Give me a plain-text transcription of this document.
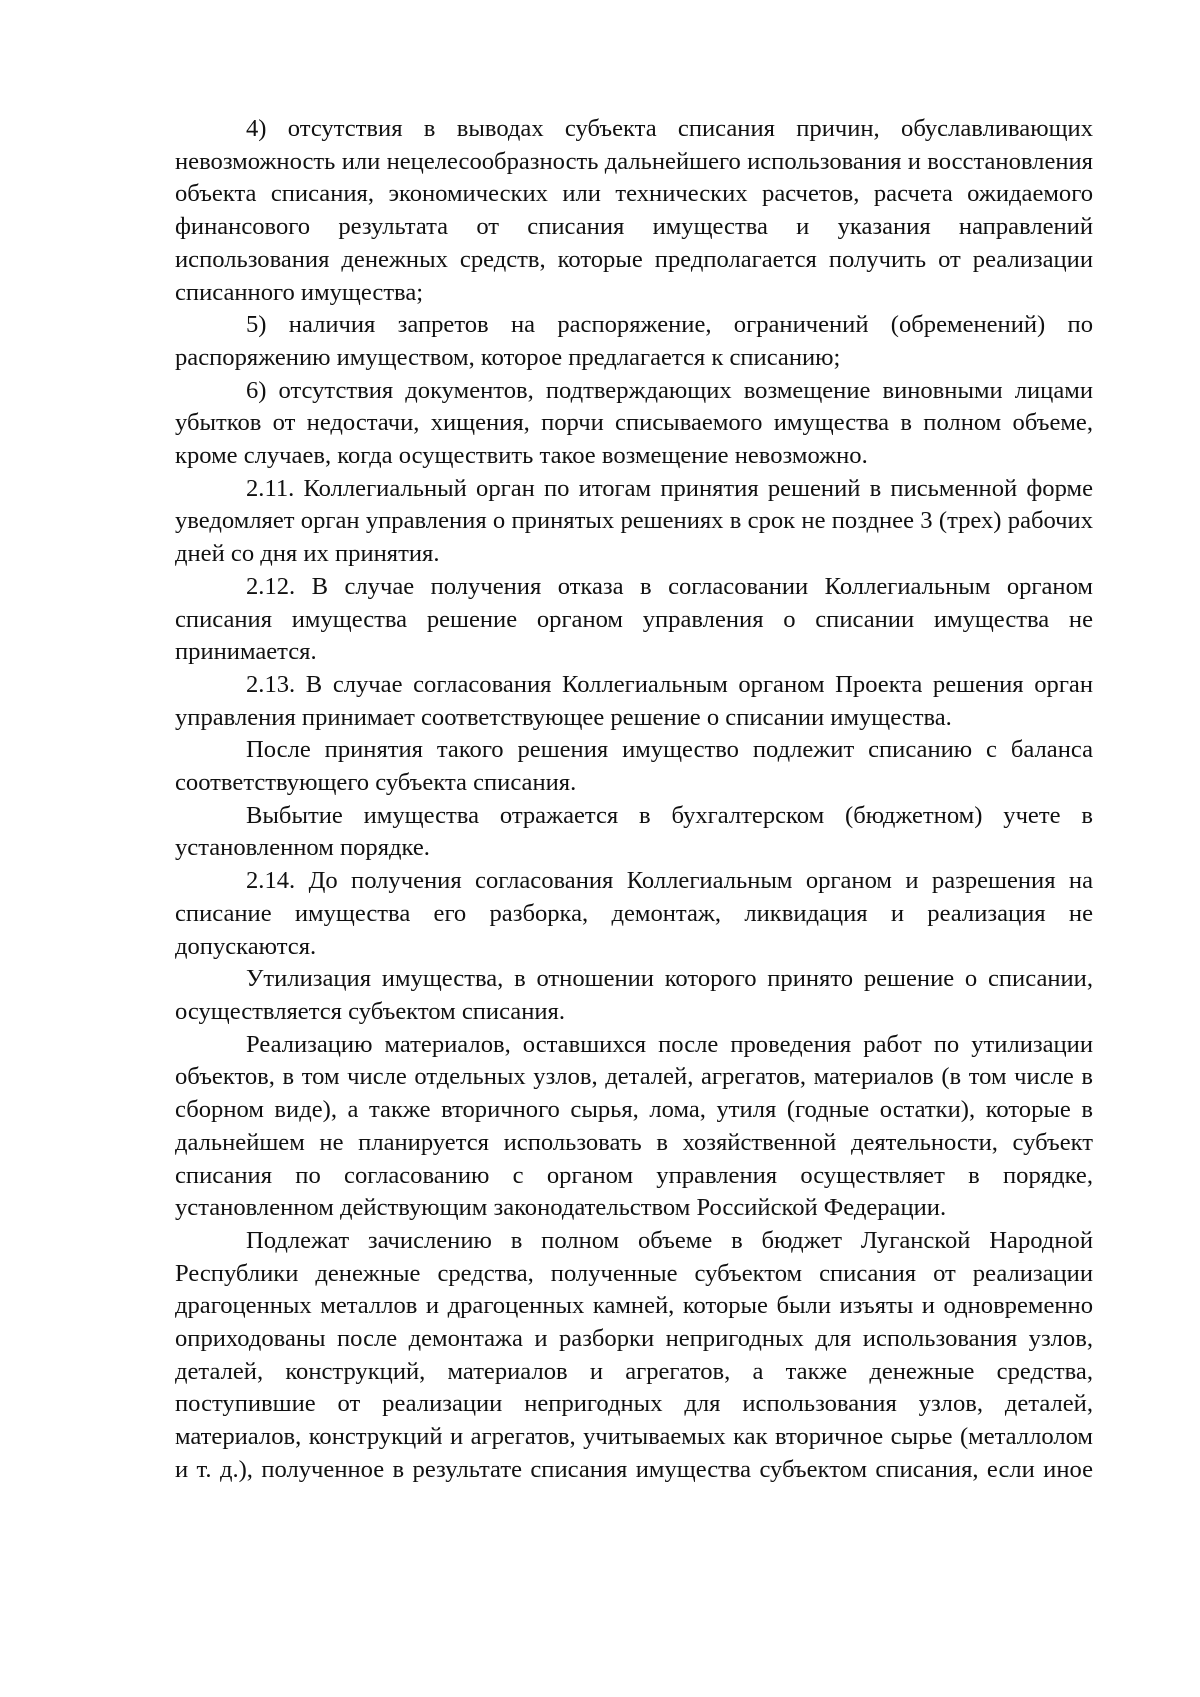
4) отсутствия в выводах субъекта списания причин, обуславливающих невозможность или нецелесообразность дальнейшего использования и восстановления объекта списания, экономических или технических расчетов, расчета ожидаемого финансового результата от списания имущества и указания направлений использования денежных средств, которые предполагается получить от реализации списанного имущества;

5) наличия запретов на распоряжение, ограничений (обременений) по распоряжению имуществом, которое предлагается к списанию;

6) отсутствия документов, подтверждающих возмещение виновными лицами убытков от недостачи, хищения, порчи списываемого имущества в полном объеме, кроме случаев, когда осуществить такое возмещение невозможно.

2.11. Коллегиальный орган по итогам принятия решений в письменной форме уведомляет орган управления о принятых решениях в срок не позднее 3 (трех) рабочих дней со дня их принятия.

2.12. В случае получения отказа в согласовании Коллегиальным органом списания имущества решение органом управления о списании имущества не принимается.

2.13. В случае согласования Коллегиальным органом Проекта решения орган управления принимает соответствующее решение о списании имущества.

После принятия такого решения имущество подлежит списанию с баланса соответствующего субъекта списания.

Выбытие имущества отражается в бухгалтерском (бюджетном) учете в установленном порядке.

2.14. До получения согласования Коллегиальным органом и разрешения на списание имущества его разборка, демонтаж, ликвидация и реализация не допускаются.

Утилизация имущества, в отношении которого принято решение о списании, осуществляется субъектом списания.

Реализацию материалов, оставшихся после проведения работ по утилизации объектов, в том числе отдельных узлов, деталей, агрегатов, материалов (в том числе в сборном виде), а также вторичного сырья, лома, утиля (годные остатки), которые в дальнейшем не планируется использовать в хозяйственной деятельности, субъект списания по согласованию с органом управления осуществляет в порядке, установленном действующим законодательством Российской Федерации.

Подлежат зачислению в полном объеме в бюджет Луганской Народной Республики денежные средства, полученные субъектом списания от реализации драгоценных металлов и драгоценных камней, которые были изъяты и одновременно оприходованы после демонтажа и разборки непригодных для использования узлов, деталей, конструкций, материалов и агрегатов, а также денежные средства, поступившие от реализации непригодных для использования узлов, деталей, материалов, конструкций и агрегатов, учитываемых как вторичное сырье (металлолом и т. д.), полученное в результате списания имущества субъектом списания, если иное
